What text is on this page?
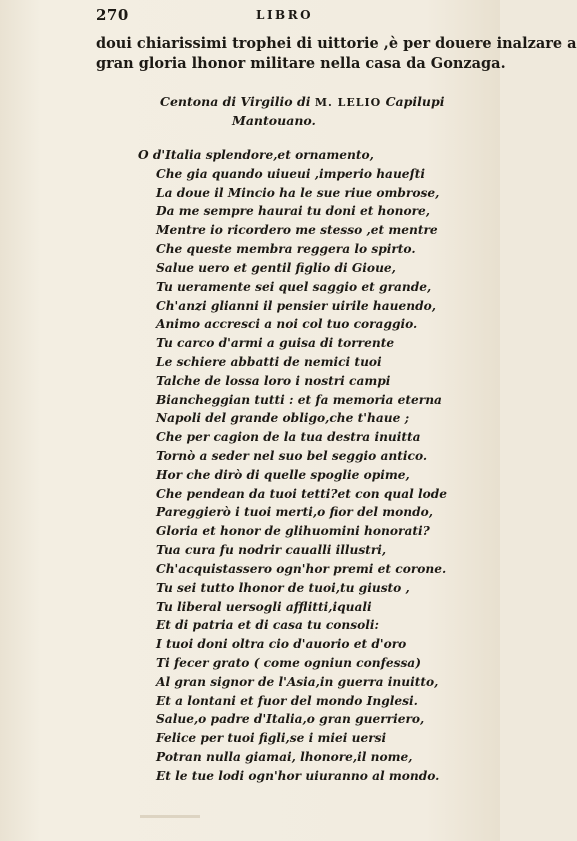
270	LIBRO
doui chiarissimi trophei di uittorie ,è per douere inalzare a
gran gloria lhonor militare nella casa da Gonzaga.
Centona di Virgilio di M. LELIO Capilupi
Mantouano.
O d'Italia splendore,et ornamento,
Che gia quando uiueui ,imperio haueſti
La doue il Mincio ha le sue riue ombrose,
Da me sempre haurai tu doni et honore,
Mentre io ricordero me stesso ,et mentre
Che queste membra reggera lo spirto.
Salue uero et gentil figlio di Gioue,
Tu ueramente sei quel saggio et grande,
Ch'anzi glianni il pensier uirile hauendo,
Animo accresci a noi col tuo coraggio.
Tu carco d'armi a guisa di torrente
Le schiere abbatti de nemici tuoi
Talche de lossa loro i nostri campi
Biancheggian tutti : et fa memoria eterna
Napoli del grande obligo,che t'haue ;
Che per cagion de la tua destra inuitta
Tornò a seder nel suo bel seggio antico.
Hor che dirò di quelle spoglie opime,
Che pendean da tuoi tetti?et con qual lode
Pareggierò i tuoi merti,o fior del mondo,
Gloria et honor de glihuomini honorati?
Tua cura fu nodrir caualli illustri,
Ch'acquistassero ogn'hor premi et corone.
Tu sei tutto lhonor de tuoi,tu giusto ,
Tu liberal uersogli afflitti,iquali
Et di patria et di casa tu consoli:
I tuoi doni oltra cio d'auorio et d'oro
Ti fecer grato ( come ogniun confessa)
Al gran signor de l'Asia,in guerra inuitto,
Et a lontani et fuor del mondo Inglesi.
Salue,o padre d'Italia,o gran guerriero,
Felice per tuoi figli,se i miei uersi
Potran nulla giamai, lhonore,il nome,
Et le tue lodi ogn'hor uiuranno al mondo.
